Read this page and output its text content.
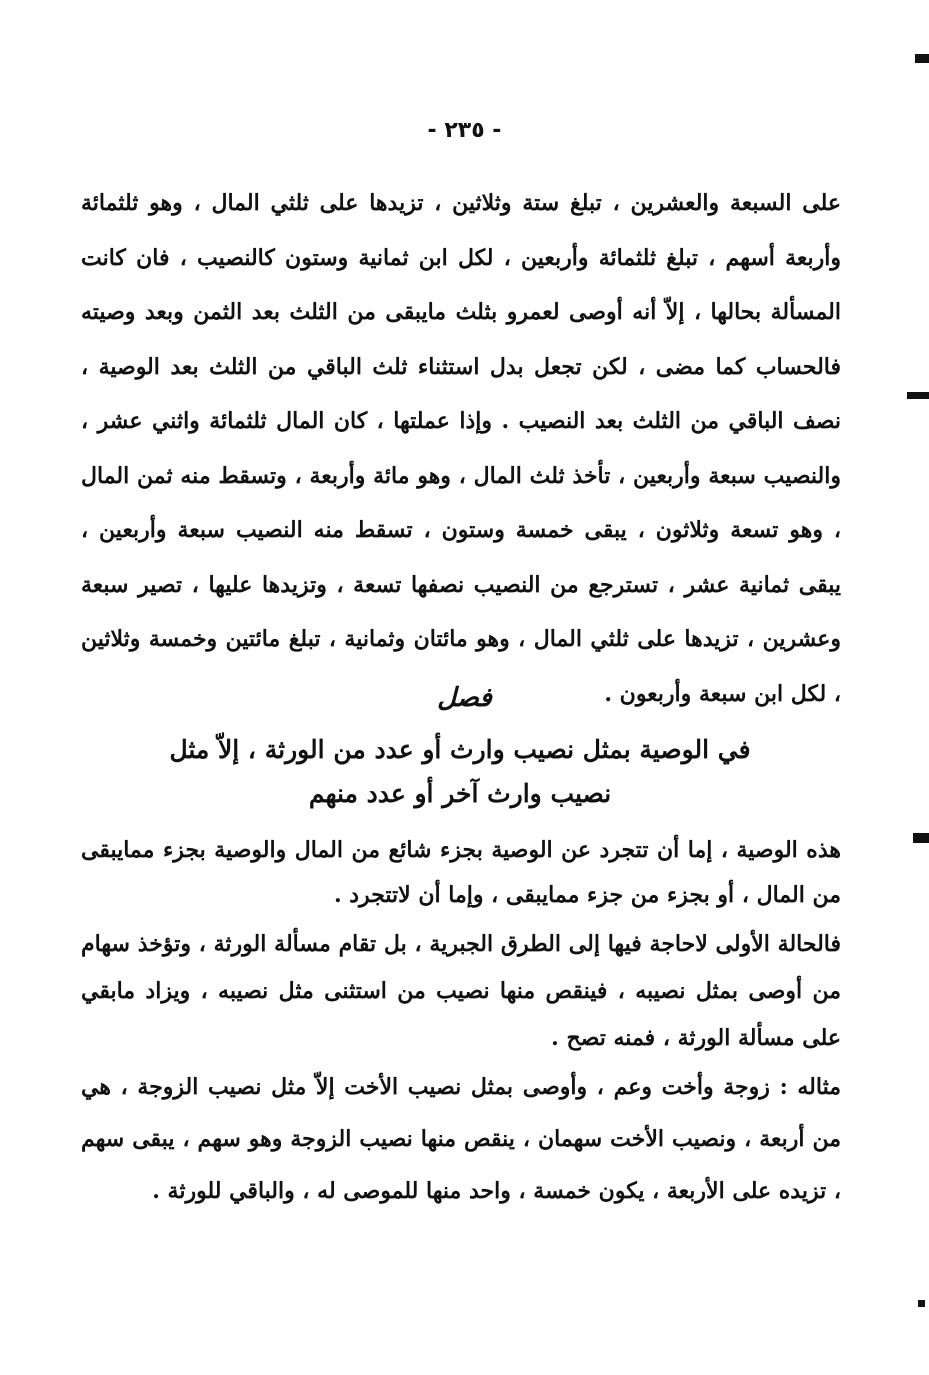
- ٢٣٥ -
على السبعة والعشرين ، تبلغ ستة وثلاثين ، تزيدها على ثلثي المال ، وهو ثلثمائة وأربعة أسهم ، تبلغ ثلثمائة وأربعين ، لكل ابن ثمانية وستون كالنصيب ، فان كانت المسألة بحالها ، إلاّ أنه أوصى لعمرو بثلث مايبقى من الثلث بعد الثمن وبعد وصيته فالحساب كما مضى ، لكن تجعل بدل استثناء ثلث الباقي من الثلث بعد الوصية ، نصف الباقي من الثلث بعد النصيب . وإذا عملتها ، كان المال ثلثمائة واثني عشر ، والنصيب سبعة وأربعين ، تأخذ ثلث المال ، وهو مائة وأربعة ، وتسقط منه ثمن المال ، وهو تسعة وثلاثون ، يبقى خمسة وستون ، تسقط منه النصيب سبعة وأربعين ، يبقى ثمانية عشر ، تسترجع من النصيب نصفها تسعة ، وتزيدها عليها ، تصير سبعة وعشرين ، تزيدها على ثلثي المال ، وهو مائتان وثمانية ، تبلغ مائتين وخمسة وثلاثين ، لكل ابن سبعة وأربعون .
فصل
في الوصية بمثل نصيب وارث أو عدد من الورثة ، إلاّ مثل
نصيب وارث آخر أو عدد منهم
هذه الوصية ، إما أن تتجرد عن الوصية بجزء شائع من المال والوصية بجزء ممايبقى من المال ، أو بجزء من جزء ممايبقى ، وإما أن لاتتجرد .
فالحالة الأولى لاحاجة فيها إلى الطرق الجبرية ، بل تقام مسألة الورثة ، وتؤخذ سهام من أوصى بمثل نصيبه ، فينقص منها نصيب من استثنى مثل نصيبه ، ويزاد مابقي على مسألة الورثة ، فمنه تصح .
مثاله : زوجة وأخت وعم ، وأوصى بمثل نصيب الأخت إلاّ مثل نصيب الزوجة ، هي من أربعة ، ونصيب الأخت سهمان ، ينقص منها نصيب الزوجة وهو سهم ، يبقى سهم ، تزيده على الأربعة ، يكون خمسة ، واحد منها للموصى له ، والباقي للورثة .
